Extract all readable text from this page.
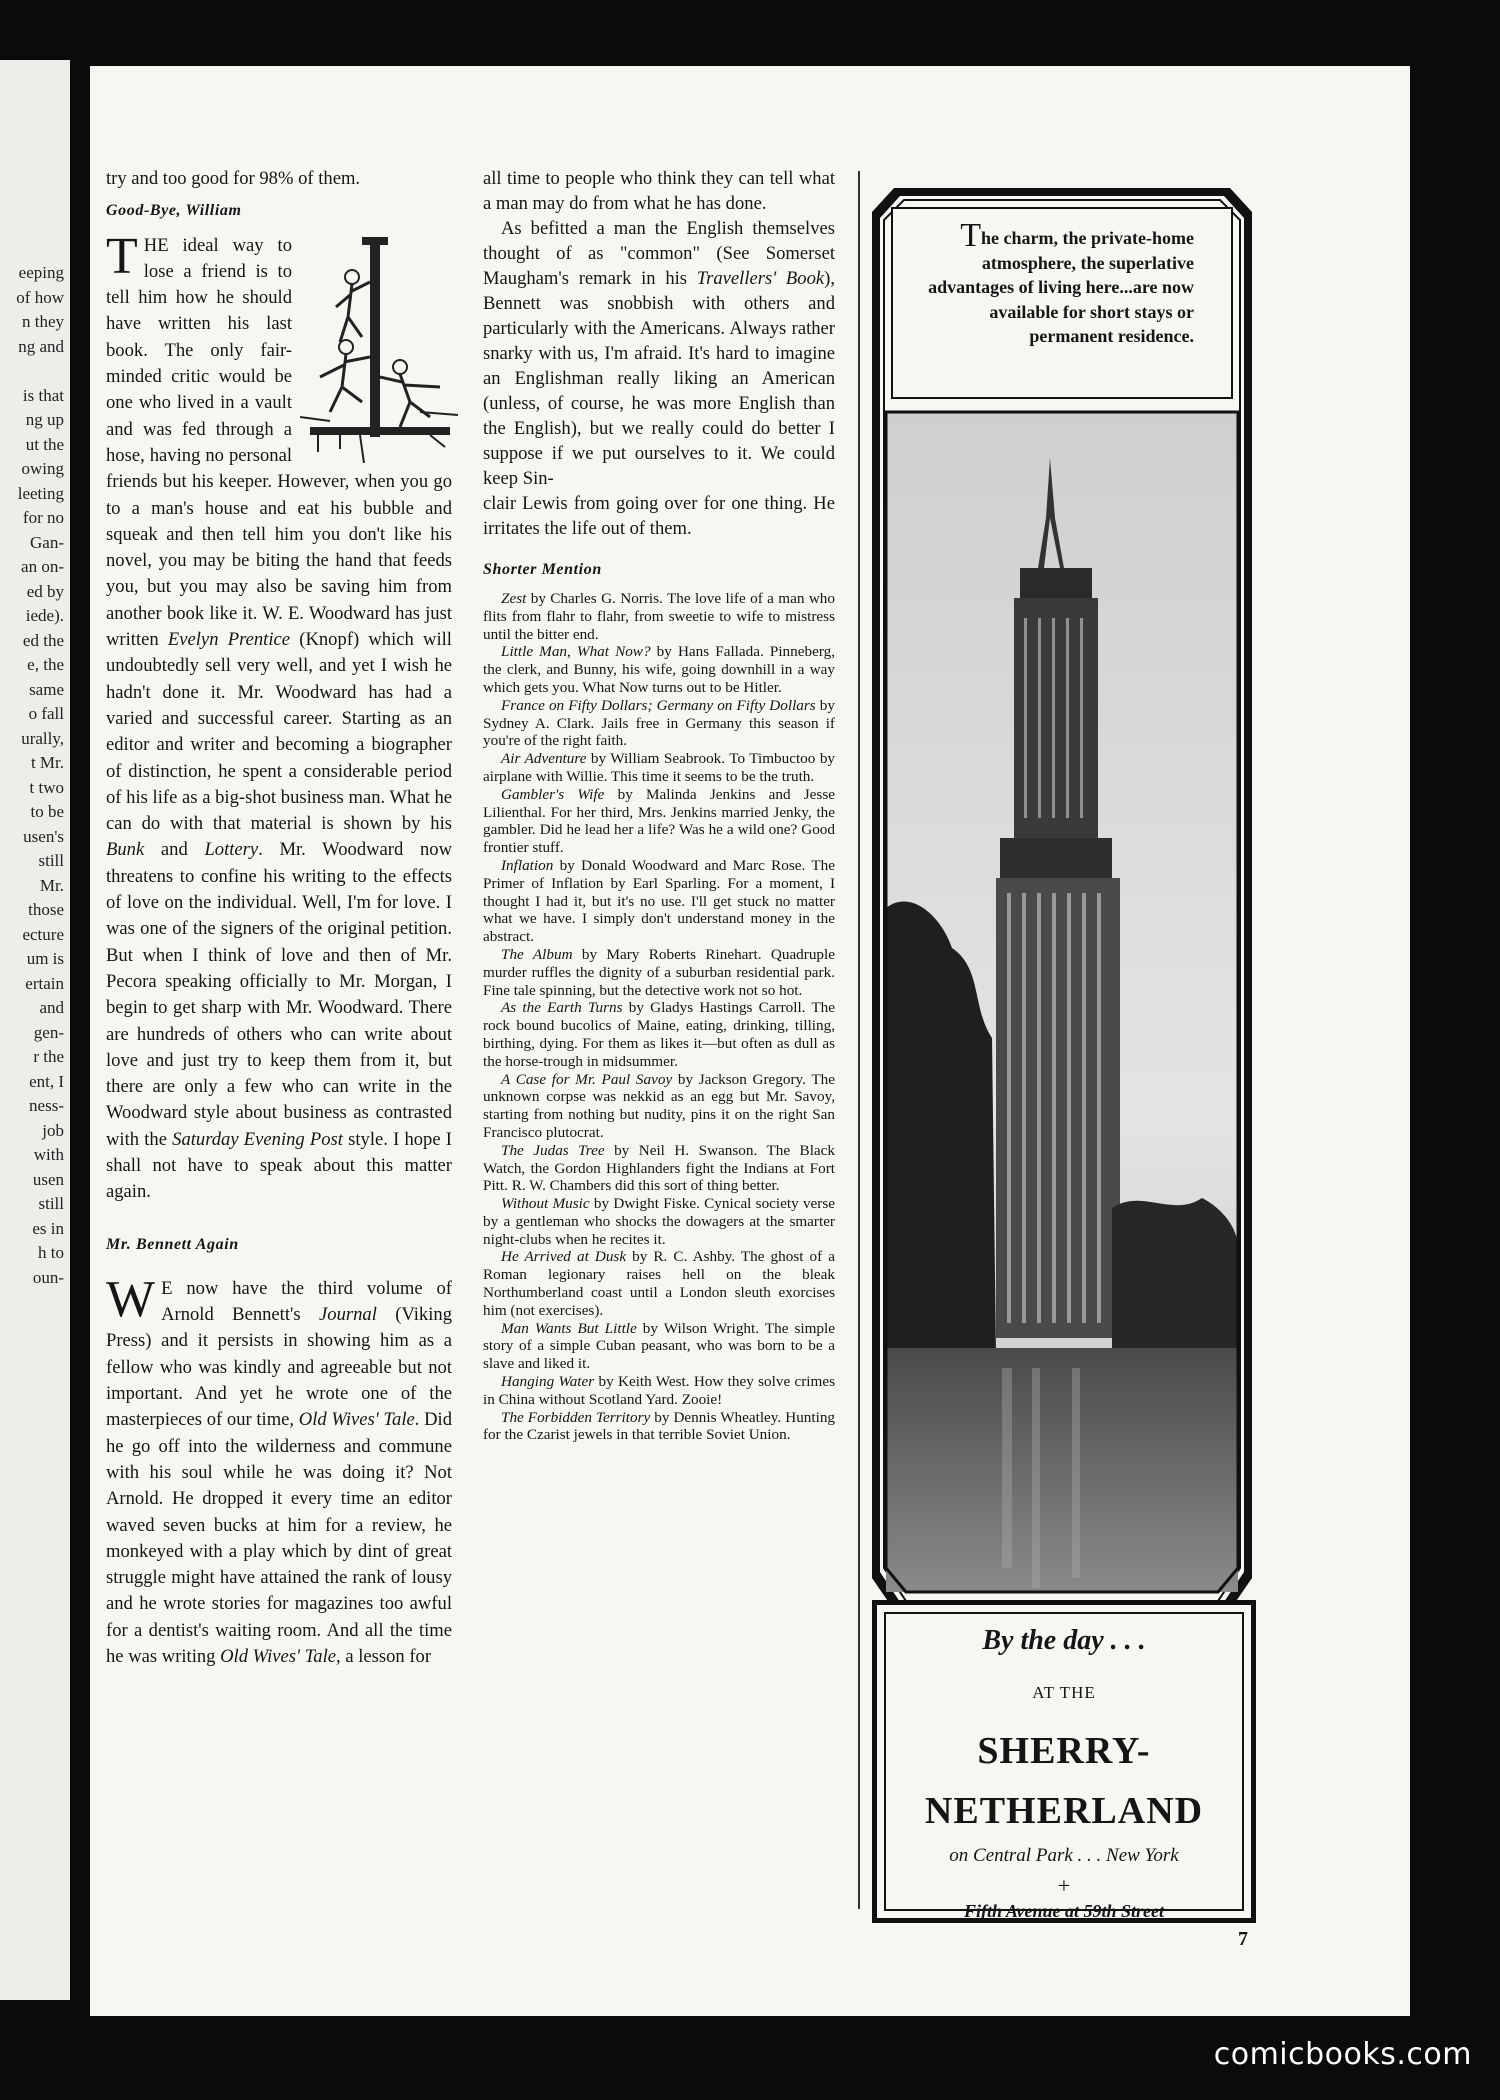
eeping
of how
n they
ng and
is that
ng up
ut the
owing
leeting
for no
Gan-
an on-
ed by
iede).
ed the
e, the
same
o fall
urally,
t Mr.
t two
to be
usen's
still
Mr.
those
ecture
um is
ertain
and
gen-
r the
ent, I
ness-
job
with
usen
still
es in
h to
oun-

try and too good for 98% of them.

Good-Bye, William

T HE ideal way to lose a friend is to tell him how he should have written his last book. The only fair-minded critic would be one who lived in a vault and was fed through a hose, having no personal friends but his keeper. However, when you go to a man's house and eat his bubble and squeak and then tell him you don't like his novel, you may be biting the hand that feeds you, but you may also be saving him from another book like it. W. E. Woodward has just written Evelyn Prentice (Knopf) which will undoubtedly sell very well, and yet I wish he hadn't done it. Mr. Woodward has had a varied and successful career. Starting as an editor and writer and becoming a biographer of distinction, he spent a considerable period of his life as a big-shot business man. What he can do with that material is shown by his Bunk and Lottery. Mr. Woodward now threatens to confine his writing to the effects of love on the individual. Well, I'm for love. I was one of the signers of the original petition. But when I think of love and then of Mr. Pecora speaking officially to Mr. Morgan, I begin to get sharp with Mr. Woodward. There are hundreds of others who can write about love and just try to keep them from it, but there are only a few who can write in the Woodward style about business as contrasted with the Saturday Evening Post style. I hope I shall not have to speak about this matter again.

Mr. Bennett Again

W E now have the third volume of Arnold Bennett's Journal (Viking Press) and it persists in showing him as a fellow who was kindly and agreeable but not important. And yet he wrote one of the masterpieces of our time, Old Wives' Tale. Did he go off into the wilderness and commune with his soul while he was doing it? Not Arnold. He dropped it every time an editor waved seven bucks at him for a review, he monkeyed with a play which by dint of great struggle might have attained the rank of lousy and he wrote stories for magazines too awful for a dentist's waiting room. And all the time he was writing Old Wives' Tale, a lesson for

all time to people who think they can tell what a man may do from what he has done.

As befitted a man the English themselves thought of as "common" (See Somerset Maugham's remark in his Travellers' Book), Bennett was snobbish with others and particularly with the Americans. Always rather snarky with us, I'm afraid. It's hard to imagine an Englishman really liking an American (unless, of course, he was more English than the English), but we really could do better I suppose if we put ourselves to it. We could keep Sin-

clair Lewis from going over for one thing. He irritates the life out of them.

Shorter Mention

Zest by Charles G. Norris. The love life of a man who flits from flahr to flahr, from sweetie to wife to mistress until the bitter end.

Little Man, What Now? by Hans Fallada. Pinneberg, the clerk, and Bunny, his wife, going downhill in a way which gets you. What Now turns out to be Hitler.

France on Fifty Dollars; Germany on Fifty Dollars by Sydney A. Clark. Jails free in Germany this season if you're of the right faith.

Air Adventure by William Seabrook. To Timbuctoo by airplane with Willie. This time it seems to be the truth.

Gambler's Wife by Malinda Jenkins and Jesse Lilienthal. For her third, Mrs. Jenkins married Jenky, the gambler. Did he lead her a life? Was he a wild one? Good frontier stuff.

Inflation by Donald Woodward and Marc Rose. The Primer of Inflation by Earl Sparling. For a moment, I thought I had it, but it's no use. I'll get stuck no matter what we have. I simply don't understand money in the abstract.

The Album by Mary Roberts Rinehart. Quadruple murder ruffles the dignity of a suburban residential park. Fine tale spinning, but the detective work not so hot.

As the Earth Turns by Gladys Hastings Carroll. The rock bound bucolics of Maine, eating, drinking, tilling, birthing, dying. For them as likes it—but often as dull as the horse-trough in midsummer.

A Case for Mr. Paul Savoy by Jackson Gregory. The unknown corpse was nekkid as an egg but Mr. Savoy, starting from nothing but nudity, pins it on the right San Francisco plutocrat.

The Judas Tree by Neil H. Swanson. The Black Watch, the Gordon Highlanders fight the Indians at Fort Pitt. R. W. Chambers did this sort of thing better.

Without Music by Dwight Fiske. Cynical society verse by a gentleman who shocks the dowagers at the smarter night-clubs when he recites it.

He Arrived at Dusk by R. C. Ashby. The ghost of a Roman legionary raises hell on the bleak Northumberland coast until a London sleuth exorcises him (not exercises).

Man Wants But Little by Wilson Wright. The simple story of a simple Cuban peasant, who was born to be a slave and liked it.

Hanging Water by Keith West. How they solve crimes in China without Scotland Yard. Zooie!

The Forbidden Territory by Dennis Wheatley. Hunting for the Czarist jewels in that terrible Soviet Union.

The charm, the private-home atmosphere, the superlative advantages of living here...are now available for short stays or permanent residence.
By the day . . .
AT THE
SHERRY-
NETHERLAND
on Central Park . . . New York
+
Fifth Avenue at 59th Street
7
comicbooks.com
